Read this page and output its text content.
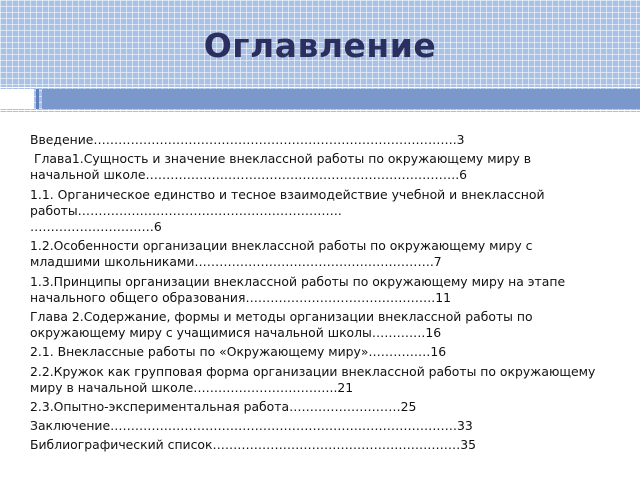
Оглавление
Введение…………………………………………………………………………….3
Глава1.Сущность и значение внеклассной работы по окружающему миру в начальной школе………………………………………………………………….6
1.1. Органическое единство и тесное взаимодействие учебной и внеклассной работы……………………………………………………….
…………………………6
1.2.Особенности организации внеклассной работы по окружающему миру с младшими школьниками………………………………………………….7
1.3.Принципы организации внеклассной работы по окружающему миру на этапе начального общего образования……………………………………….11
Глава 2.Содержание, формы и методы организации внеклассной работы по окружающему миру с учащимися начальной школы………….16
2.1. Внеклассные работы по «Окружающему миру»……………16
2.2.Кружок как групповая форма организации внеклассной работы по окружающему миру в начальной школе……………………………..21
2.3.Опытно-экспериментальная работа………………………25
Заключение…………………………………………………………………………33
Библиографический список……………………………………………………35
